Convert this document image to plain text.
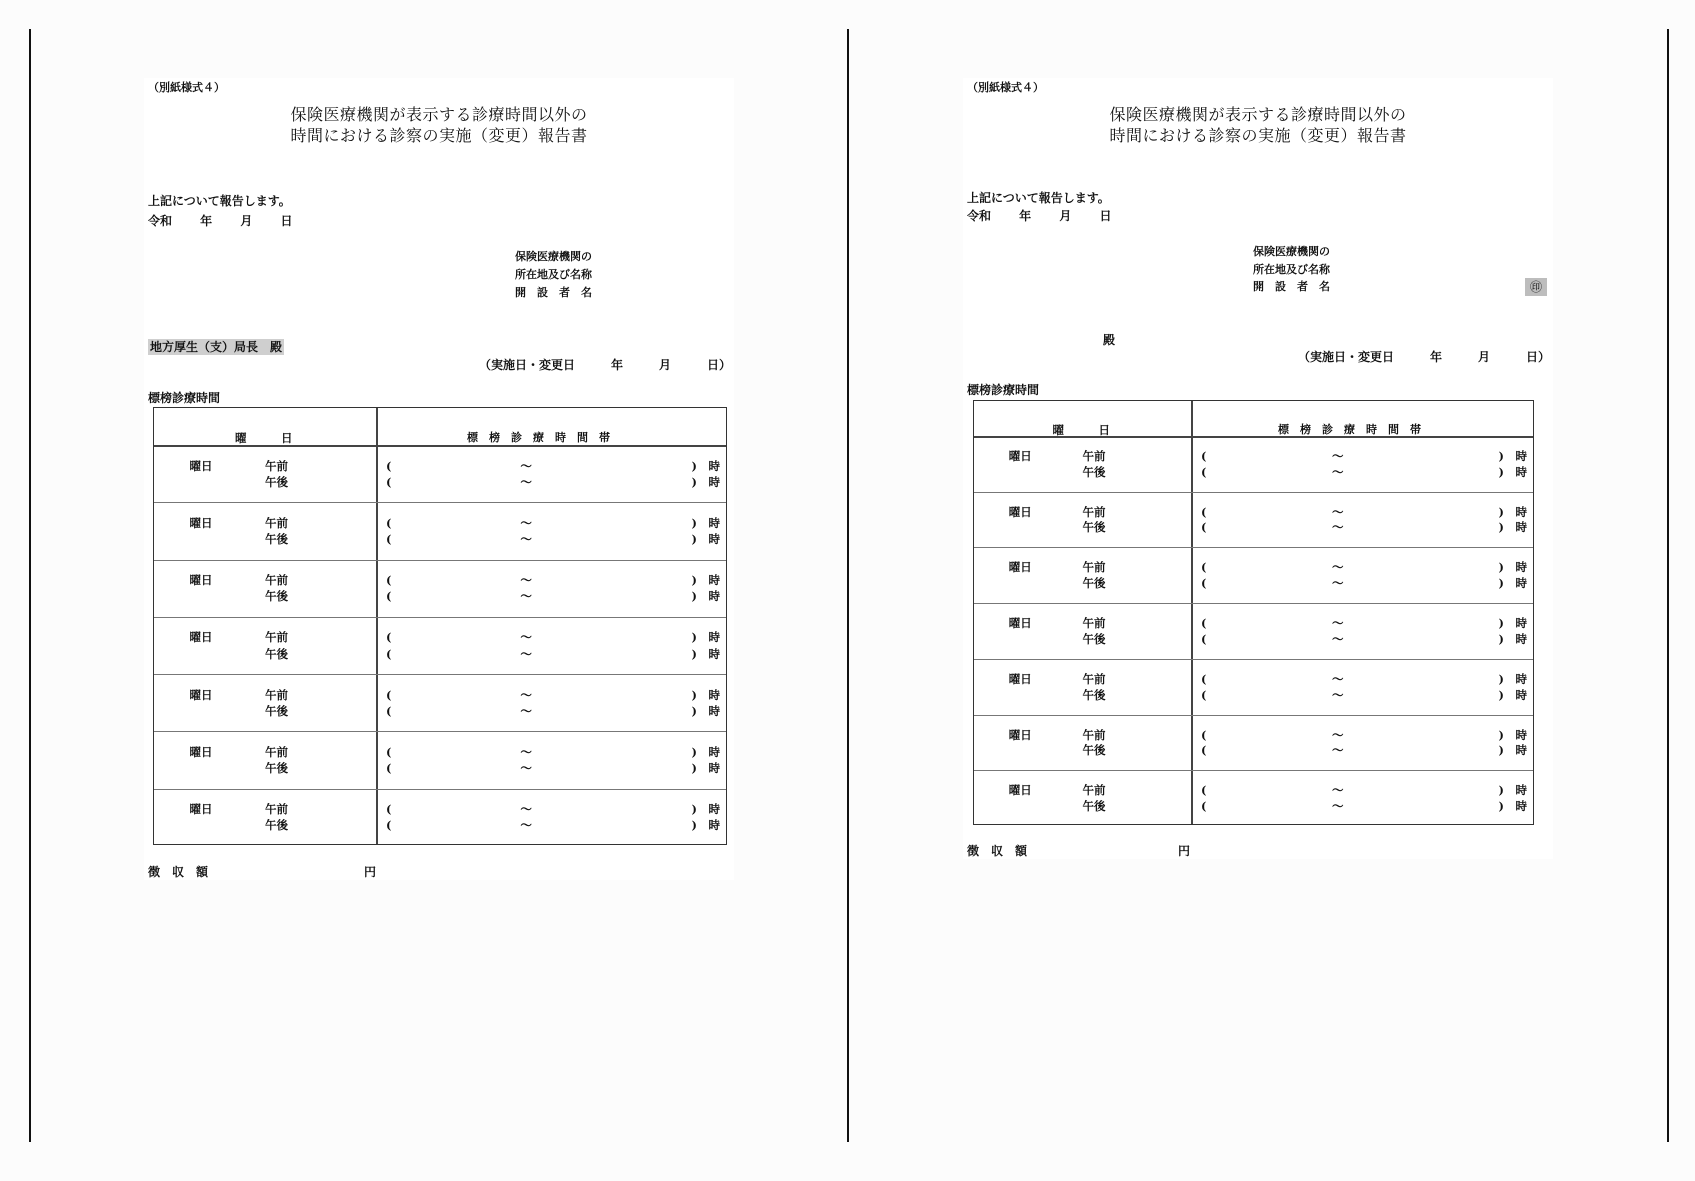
（別紙様式４）
保険医療機関が表示する診療時間以外の
時間における診察の実施（変更）報告書
上記について報告します。
令和　　 年　　 月　　 日
保険医療機関の
所在地及び名称
開　設　者　名
地方厚生（支）局長　殿
（実施日・変更日　　　年　　　月　　　日）
標榜診療時間
曜　　　日	標　榜　診　療　時　間　帯
曜日	午前
午後
(	～	)　時
(	～	)　時
曜日	午前
午後
(	～	)　時
(	～	)　時
曜日	午前
午後
(	～	)　時
(	～	)　時
曜日	午前
午後
(	～	)　時
(	～	)　時
曜日	午前
午後
(	～	)　時
(	～	)　時
曜日	午前
午後
(	～	)　時
(	～	)　時
曜日	午前
午後
(	～	)　時
(	～	)　時
徴　収　額	円
（別紙様式４）
保険医療機関が表示する診療時間以外の
時間における診察の実施（変更）報告書
上記について報告します。
令和　　 年　　 月　　 日
保険医療機関の
所在地及び名称
開　設　者　名	㊞
殿
（実施日・変更日　　　年　　　月　　　日）
標榜診療時間
曜　　　日	標　榜　診　療　時　間　帯
曜日	午前
午後
(	～	)　時
(	～	)　時
曜日	午前
午後
(	～	)　時
(	～	)　時
曜日	午前
午後
(	～	)　時
(	～	)　時
曜日	午前
午後
(	～	)　時
(	～	)　時
曜日	午前
午後
(	～	)　時
(	～	)　時
曜日	午前
午後
(	～	)　時
(	～	)　時
曜日	午前
午後
(	～	)　時
(	～	)　時
徴　収　額	円
